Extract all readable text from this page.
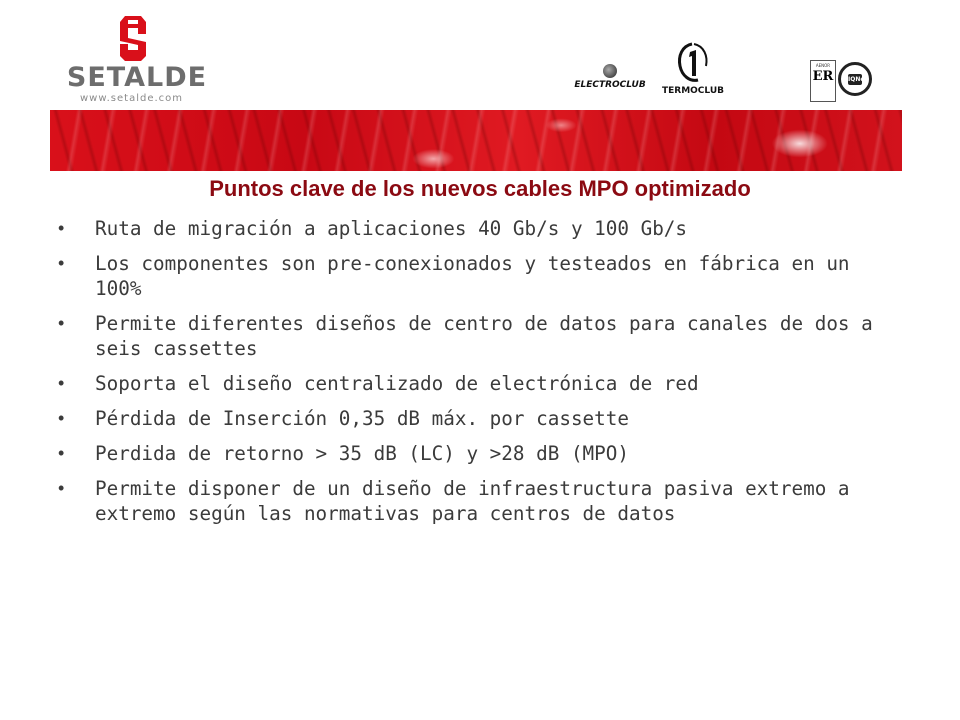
SETALDE
www.setalde.com
ELECTROCLUB
TERMOCLUB
AENOR
ER IQNet
Puntos clave de los nuevos cables MPO optimizado
• Ruta de migración a aplicaciones 40 Gb/s y 100 Gb/s
• Los componentes son pre-conexionados y testeados en fábrica en un 100%
• Permite diferentes diseños de centro de datos para canales de dos a seis cassettes
• Soporta el diseño centralizado de electrónica de red
• Pérdida de Inserción 0,35 dB máx. por cassette
• Perdida de retorno > 35 dB (LC) y >28 dB (MPO)
• Permite disponer de un diseño de infraestructura pasiva extremo a extremo según las normativas para centros de datos
